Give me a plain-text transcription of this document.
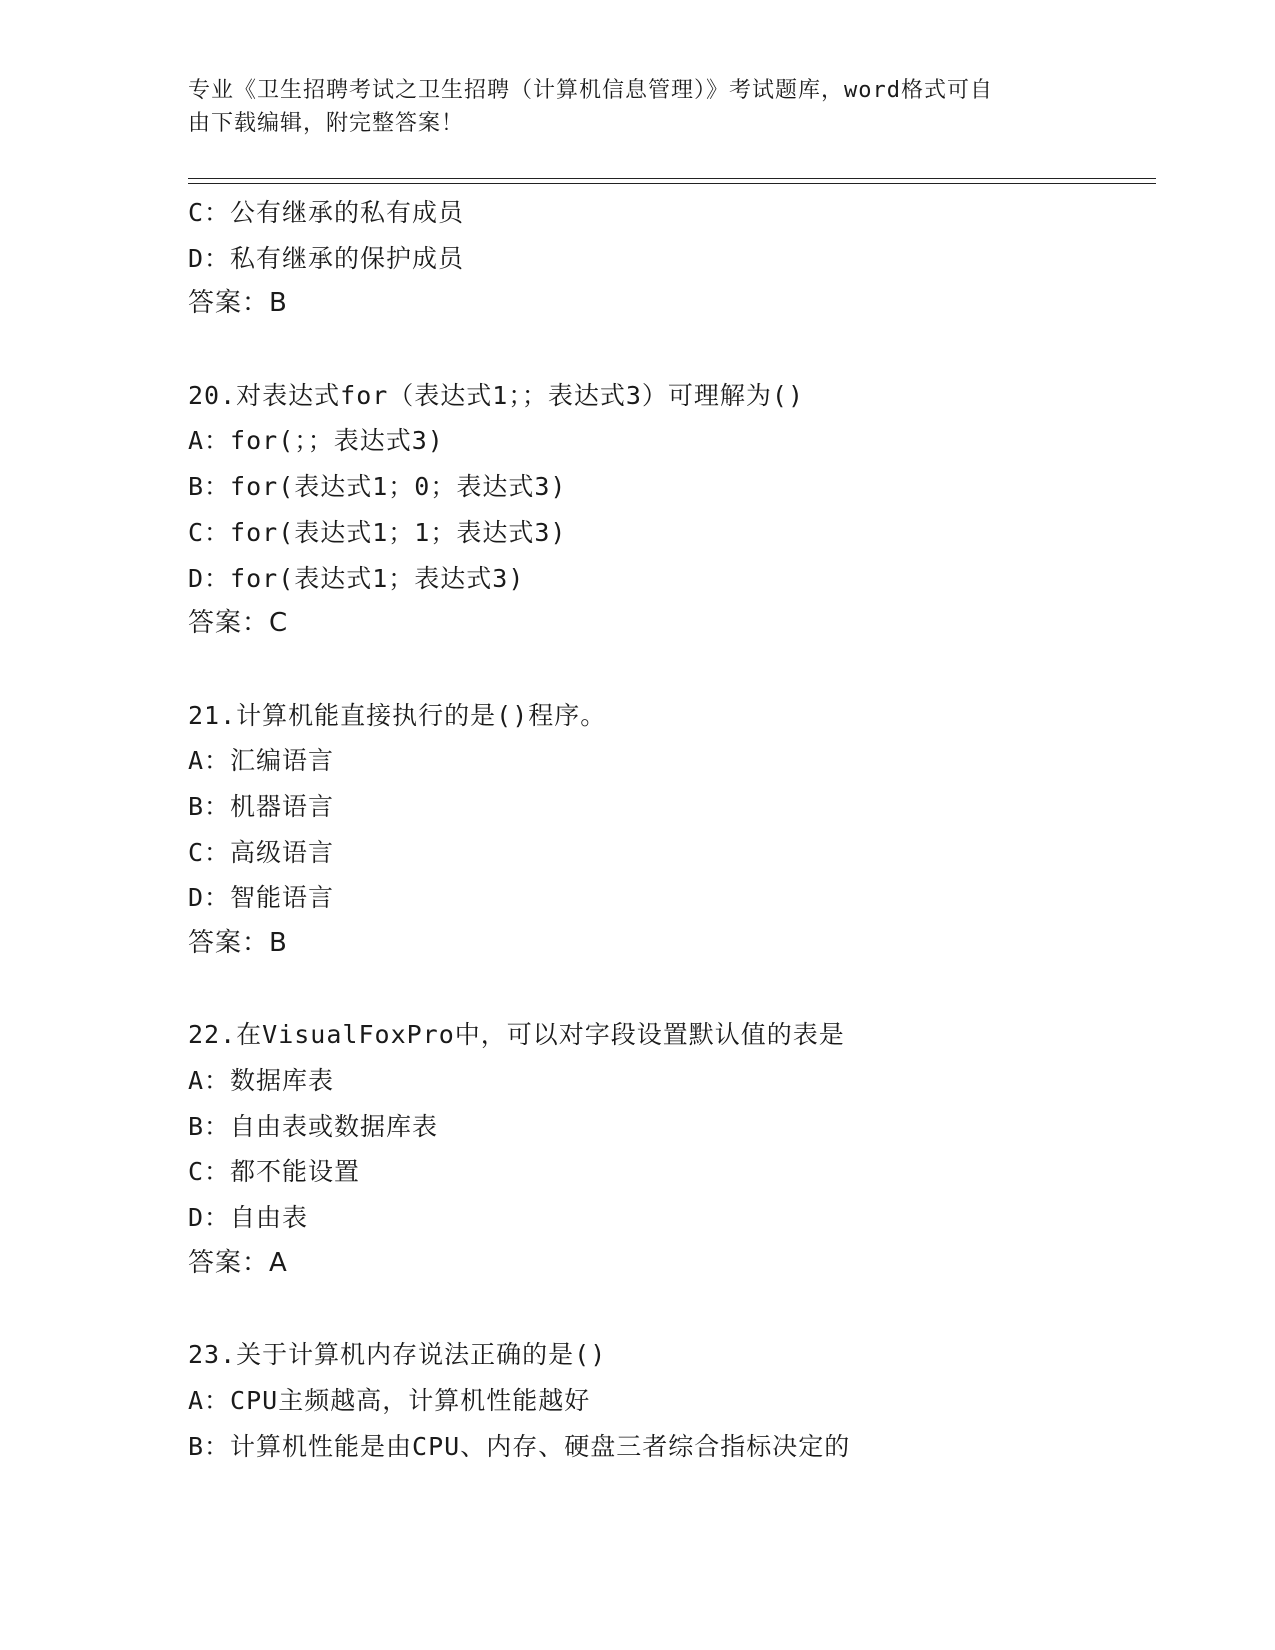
专业《卫生招聘考试之卫生招聘（计算机信息管理）》考试题库，word格式可自
由下载编辑，附完整答案！
C：公有继承的私有成员
D：私有继承的保护成员
答案：B
20.对表达式for（表达式1；；表达式3）可理解为()
A：for(；；表达式3)
B：for(表达式1；0；表达式3)
C：for(表达式1；1；表达式3)
D：for(表达式1；表达式3)
答案：C
21.计算机能直接执行的是()程序。
A：汇编语言
B：机器语言
C：高级语言
D：智能语言
答案：B
22.在VisualFoxPro中，可以对字段设置默认值的表是
A：数据库表
B：自由表或数据库表
C：都不能设置
D：自由表
答案：A
23.关于计算机内存说法正确的是()
A：CPU主频越高，计算机性能越好
B：计算机性能是由CPU、内存、硬盘三者综合指标决定的
